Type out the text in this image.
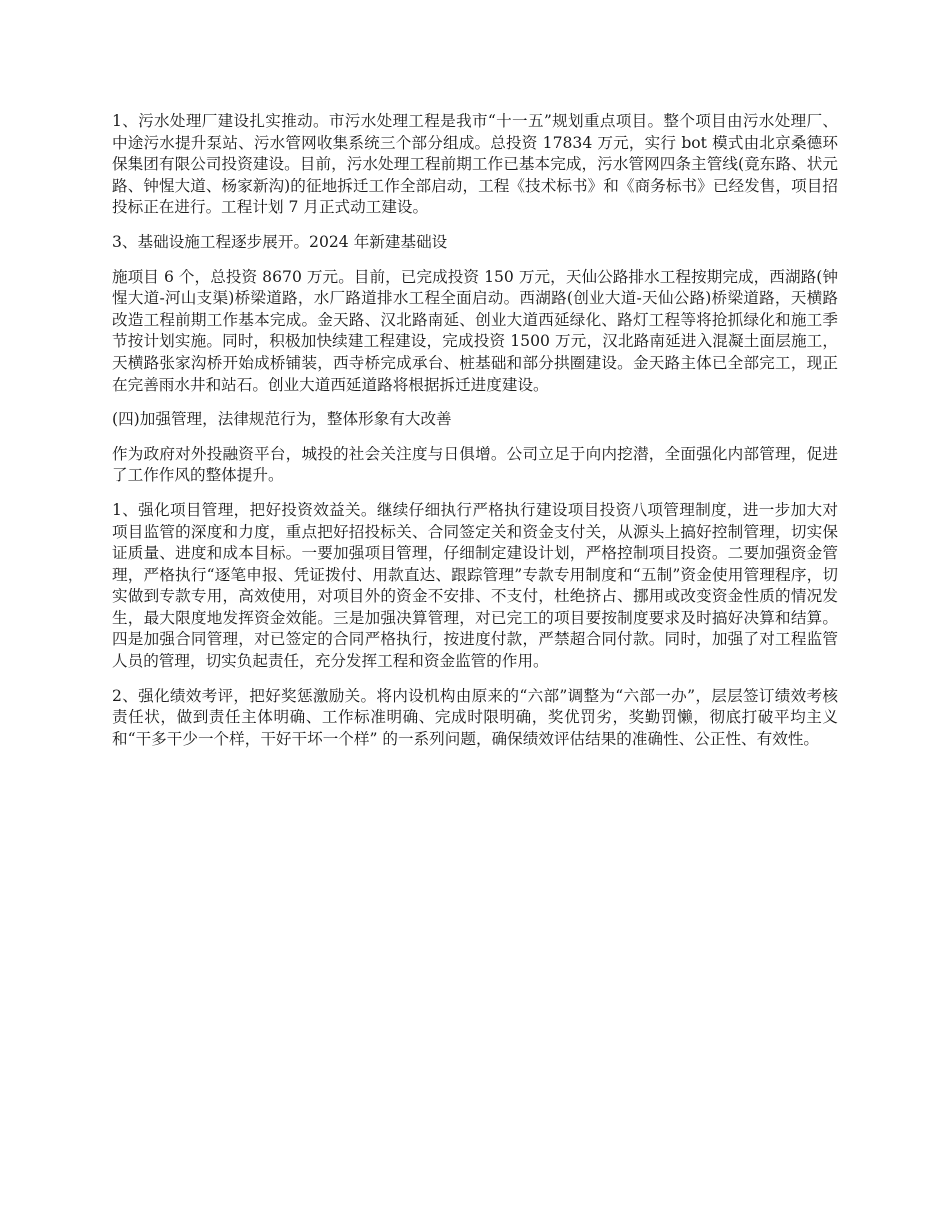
1、污水处理厂建设扎实推动。市污水处理工程是我市“十一五”规划重点项目。整个项目由污水处理厂、中途污水提升泵站、污水管网收集系统三个部分组成。总投资 17834 万元，实行 bot 模式由北京桑德环保集团有限公司投资建设。目前，污水处理工程前期工作已基本完成，污水管网四条主管线(竟东路、状元路、钟惺大道、杨家新沟)的征地拆迁工作全部启动，工程《技术标书》和《商务标书》已经发售，项目招投标正在进行。工程计划 7 月正式动工建设。

3、基础设施工程逐步展开。2024 年新建基础设

施项目 6 个，总投资 8670 万元。目前，已完成投资 150 万元，天仙公路排水工程按期完成，西湖路(钟惺大道-河山支渠)桥梁道路，水厂路道排水工程全面启动。西湖路(创业大道-天仙公路)桥梁道路，天横路改造工程前期工作基本完成。金天路、汉北路南延、创业大道西延绿化、路灯工程等将抢抓绿化和施工季节按计划实施。同时，积极加快续建工程建设，完成投资 1500 万元，汉北路南延进入混凝土面层施工，天横路张家沟桥开始成桥铺装，西寺桥完成承台、桩基础和部分拱圈建设。金天路主体已全部完工，现正在完善雨水井和站石。创业大道西延道路将根据拆迁进度建设。

(四)加强管理，法律规范行为，整体形象有大改善

作为政府对外投融资平台，城投的社会关注度与日俱增。公司立足于向内挖潜，全面强化内部管理，促进了工作作风的整体提升。

1、强化项目管理，把好投资效益关。继续仔细执行严格执行建设项目投资八项管理制度，进一步加大对项目监管的深度和力度，重点把好招投标关、合同签定关和资金支付关，从源头上搞好控制管理，切实保证质量、进度和成本目标。一要加强项目管理，仔细制定建设计划，严格控制项目投资。二要加强资金管理，严格执行“逐笔申报、凭证拨付、用款直达、跟踪管理”专款专用制度和“五制”资金使用管理程序，切实做到专款专用，高效使用，对项目外的资金不安排、不支付，杜绝挤占、挪用或改变资金性质的情况发生，最大限度地发挥资金效能。三是加强决算管理，对已完工的项目要按制度要求及时搞好决算和结算。四是加强合同管理，对已签定的合同严格执行，按进度付款，严禁超合同付款。同时，加强了对工程监管人员的管理，切实负起责任，充分发挥工程和资金监管的作用。

2、强化绩效考评，把好奖惩激励关。将内设机构由原来的“六部”调整为“六部一办”，层层签订绩效考核责任状，做到责任主体明确、工作标准明确、完成时限明确，奖优罚劣，奖勤罚懒，彻底打破平均主义和“干多干少一个样，干好干坏一个样” 的一系列问题，确保绩效评估结果的准确性、公正性、有效性。
